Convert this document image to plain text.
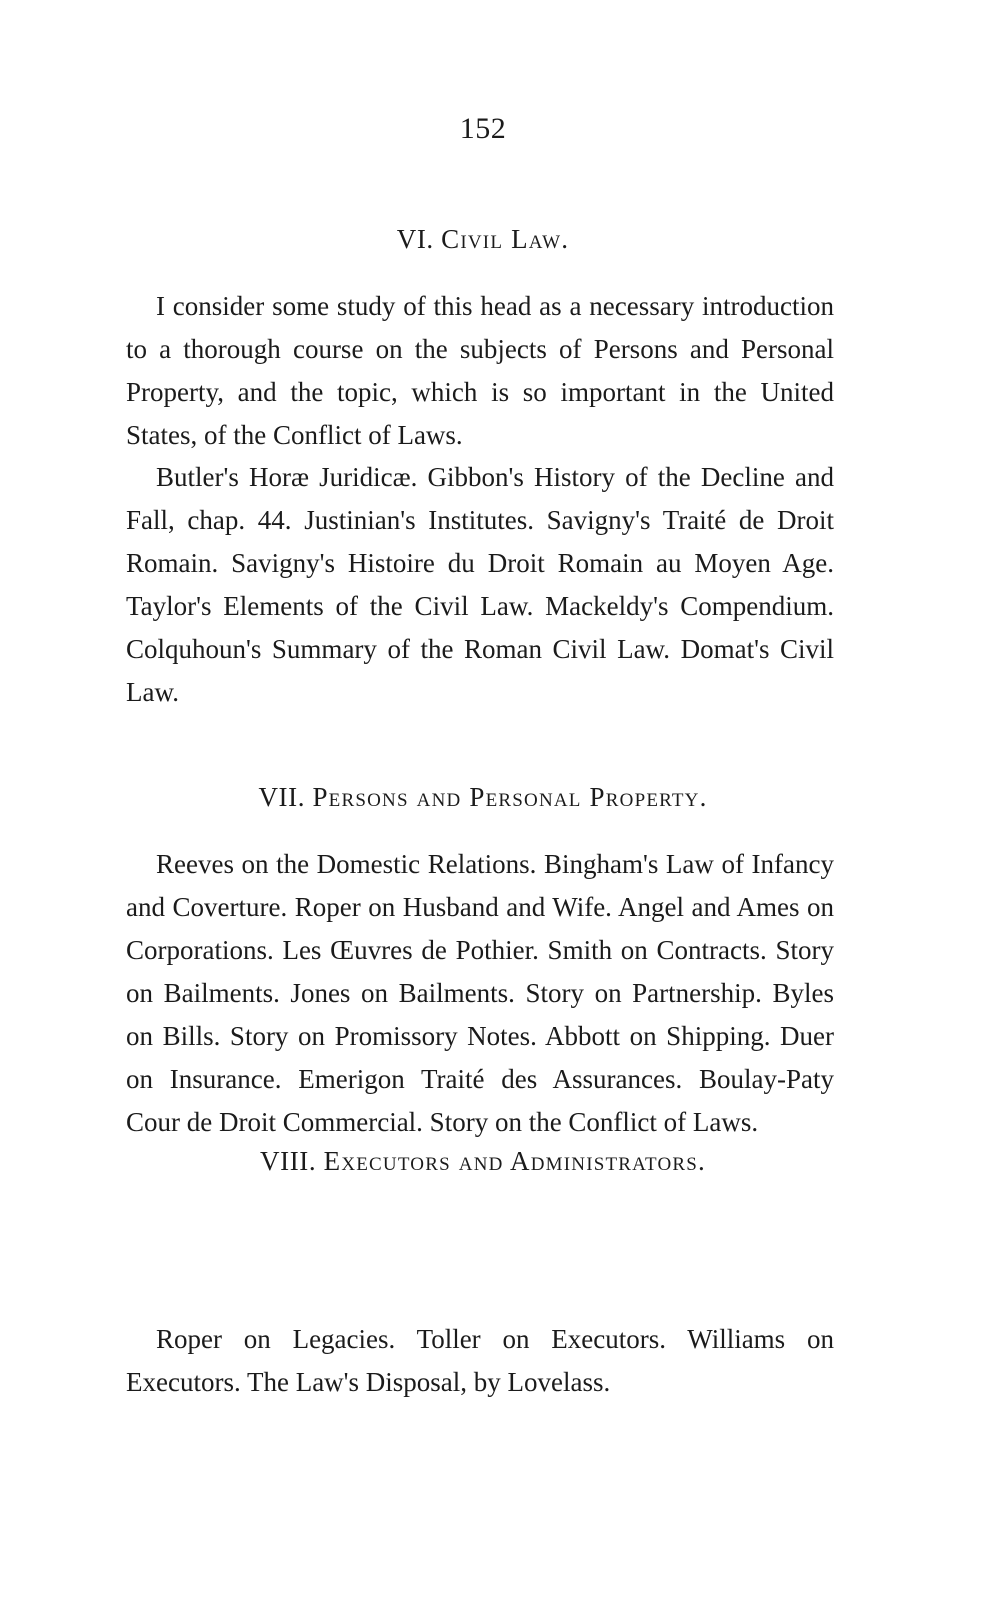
152
VI. Civil Law.

I consider some study of this head as a necessary introduction to a thorough course on the subjects of Persons and Personal Property, and the topic, which is so important in the United States, of the Conflict of Laws.

Butler's Horæ Juridicæ. Gibbon's History of the Decline and Fall, chap. 44. Justinian's Institutes. Savigny's Traité de Droit Romain. Savigny's Histoire du Droit Romain au Moyen Age. Taylor's Elements of the Civil Law. Mackeldy's Compendium. Colquhoun's Summary of the Roman Civil Law. Domat's Civil Law.

VII. Persons and Personal Property.

Reeves on the Domestic Relations. Bingham's Law of Infancy and Coverture. Roper on Husband and Wife. Angel and Ames on Corporations. Les Œuvres de Pothier. Smith on Contracts. Story on Bailments. Jones on Bailments. Story on Partnership. Byles on Bills. Story on Promissory Notes. Abbott on Shipping. Duer on Insurance. Emerigon Traité des Assurances. Boulay-Paty Cour de Droit Commercial. Story on the Conflict of Laws.

VIII. Executors and Administrators.

Roper on Legacies. Toller on Executors. Williams on Executors. The Law's Disposal, by Lovelass.
